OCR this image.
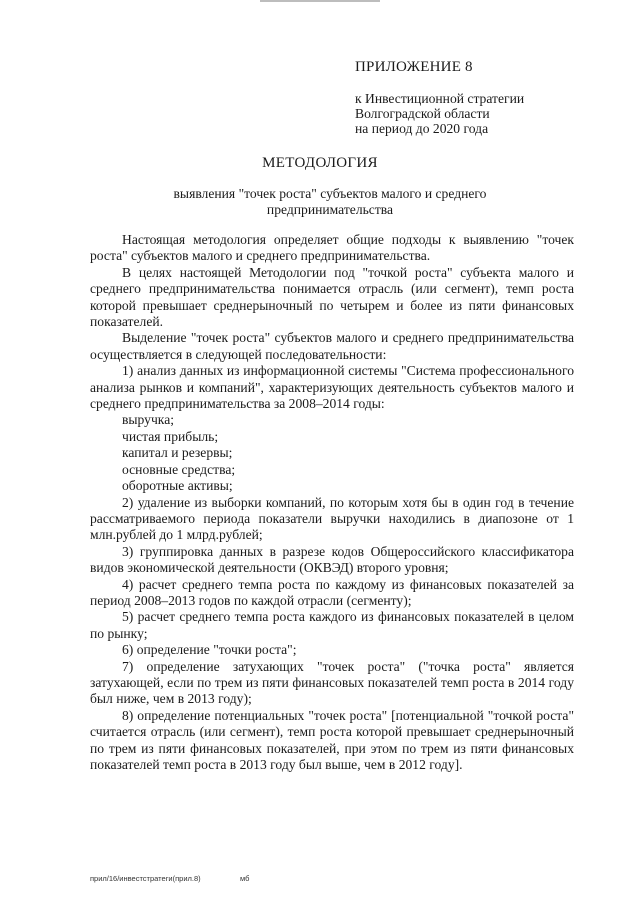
ПРИЛОЖЕНИЕ 8
к Инвестиционной стратегии
Волгоградской области
на период до 2020 года
МЕТОДОЛОГИЯ
выявления "точек роста" субъектов малого и среднего предпринимательства

Настоящая методология определяет общие подходы к выявлению "точек роста" субъектов малого и среднего предпринимательства.

В целях настоящей Методологии под "точкой роста" субъекта малого и среднего предпринимательства понимается отрасль (или сегмент), темп роста которой превышает среднерыночный по четырем и более из пяти финансовых показателей.

Выделение "точек роста" субъектов малого и среднего предпринимательства осуществляется в следующей последовательности:

1) анализ данных из информационной системы "Система профессионального анализа рынков и компаний", характеризующих деятельность субъектов малого и среднего предпринимательства за 2008–2014 годы:

выручка;

чистая прибыль;

капитал и резервы;

основные средства;

оборотные активы;

2) удаление из выборки компаний, по которым хотя бы в один год в течение рассматриваемого периода показатели выручки находились в диапозоне от 1 млн.рублей до 1 млрд.рублей;

3) группировка данных в разрезе кодов Общероссийского классификатора видов экономической деятельности (ОКВЭД) второго уровня;

4) расчет среднего темпа роста по каждому из финансовых показателей за период 2008–2013 годов по каждой отрасли (сегменту);

5) расчет среднего темпа роста каждого из финансовых показателей в целом по рынку;

6) определение "точки роста";

7) определение затухающих "точек роста" ("точка роста" является затухающей, если по трем из пяти финансовых показателей темп роста в 2014 году был ниже, чем в 2013 году);

8) определение потенциальных "точек роста" [потенциальной "точкой роста" считается отрасль (или сегмент), темп роста которой превышает среднерыночный по трем из пяти финансовых показателей, при этом по трем из пяти финансовых показателей темп роста в 2013 году был выше, чем в 2012 году].

прил/16/инвестстратеги(прил.8)	мб
